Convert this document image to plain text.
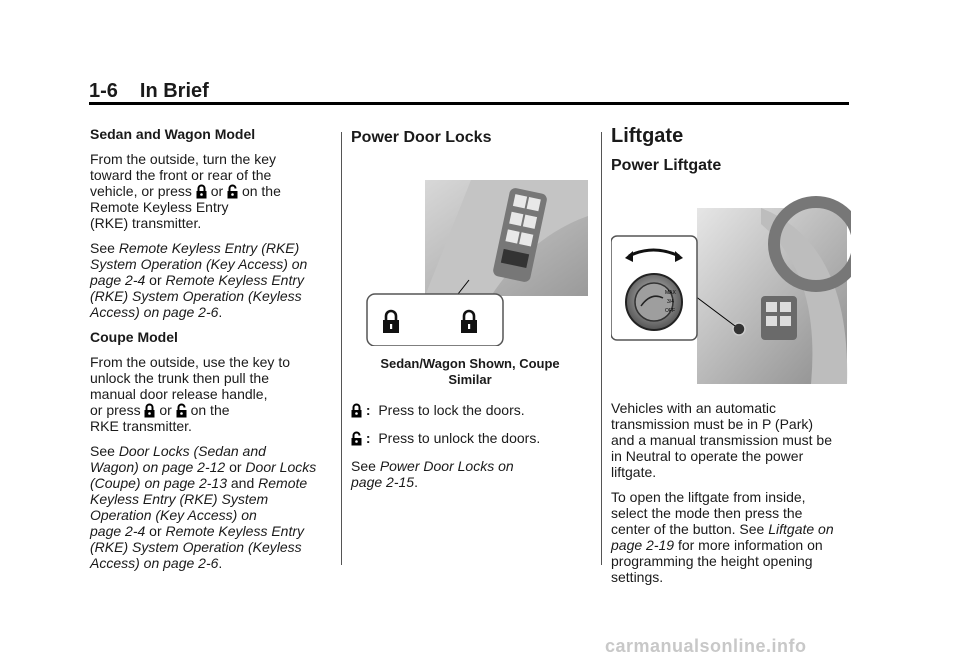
1-6 In Brief

Sedan and Wagon Model

From the outside, turn the key
toward the front or rear of the
vehicle, or press or on the
Remote Keyless Entry
(RKE) transmitter.

See Remote Keyless Entry (RKE)
System Operation (Key Access) on
page 2-4 or Remote Keyless Entry
(RKE) System Operation (Keyless
Access) on page 2-6.

Coupe Model

From the outside, use the key to
unlock the trunk then pull the
manual door release handle,
or press or on the
RKE transmitter.

See Door Locks (Sedan and
Wagon) on page 2-12 or Door Locks
(Coupe) on page 2-13 and Remote
Keyless Entry (RKE) System
Operation (Key Access) on
page 2-4 or Remote Keyless Entry
(RKE) System Operation (Keyless
Access) on page 2-6.

Power Door Locks
Sedan/Wagon Shown, Coupe
Similar

:  Press to lock the doors.

:  Press to unlock the doors.

See Power Door Locks on
page 2-15.

Liftgate
Power Liftgate
MAX
3/4
OFF

Vehicles with an automatic
transmission must be in P (Park)
and a manual transmission must be
in Neutral to operate the power
liftgate.

To open the liftgate from inside,
select the mode then press the
center of the button. See Liftgate on
page 2-19 for more information on
programming the height opening
settings.

carmanualsonline.info
